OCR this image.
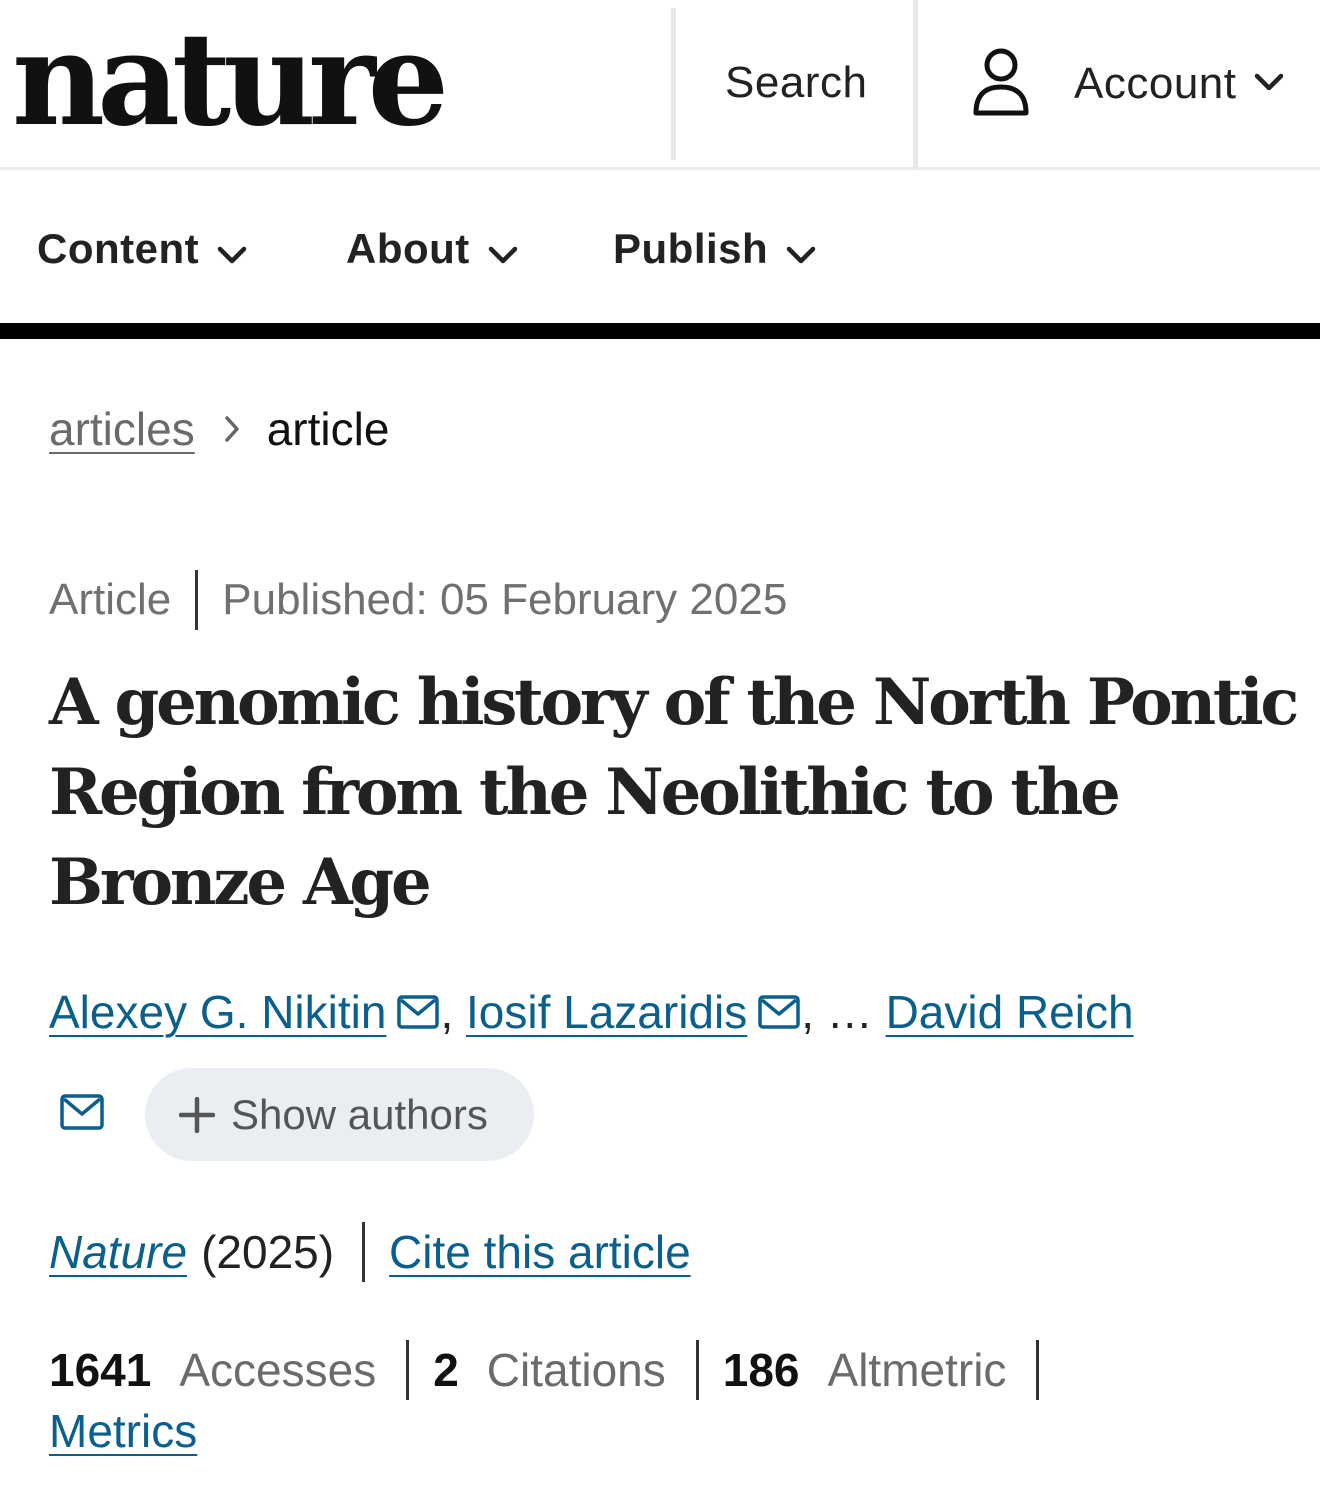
nature	Search	Account
Content	About	Publish
articles article
Article Published: 05 February 2025
A genomic history of the North Pontic Region from the Neolithic to the Bronze Age
Alexey G. Nikitin , Iosif Lazaridis , … David Reich
Show authors
Nature (2025) Cite this article
1641 Accesses 2 Citations 186 Altmetric
Metrics
